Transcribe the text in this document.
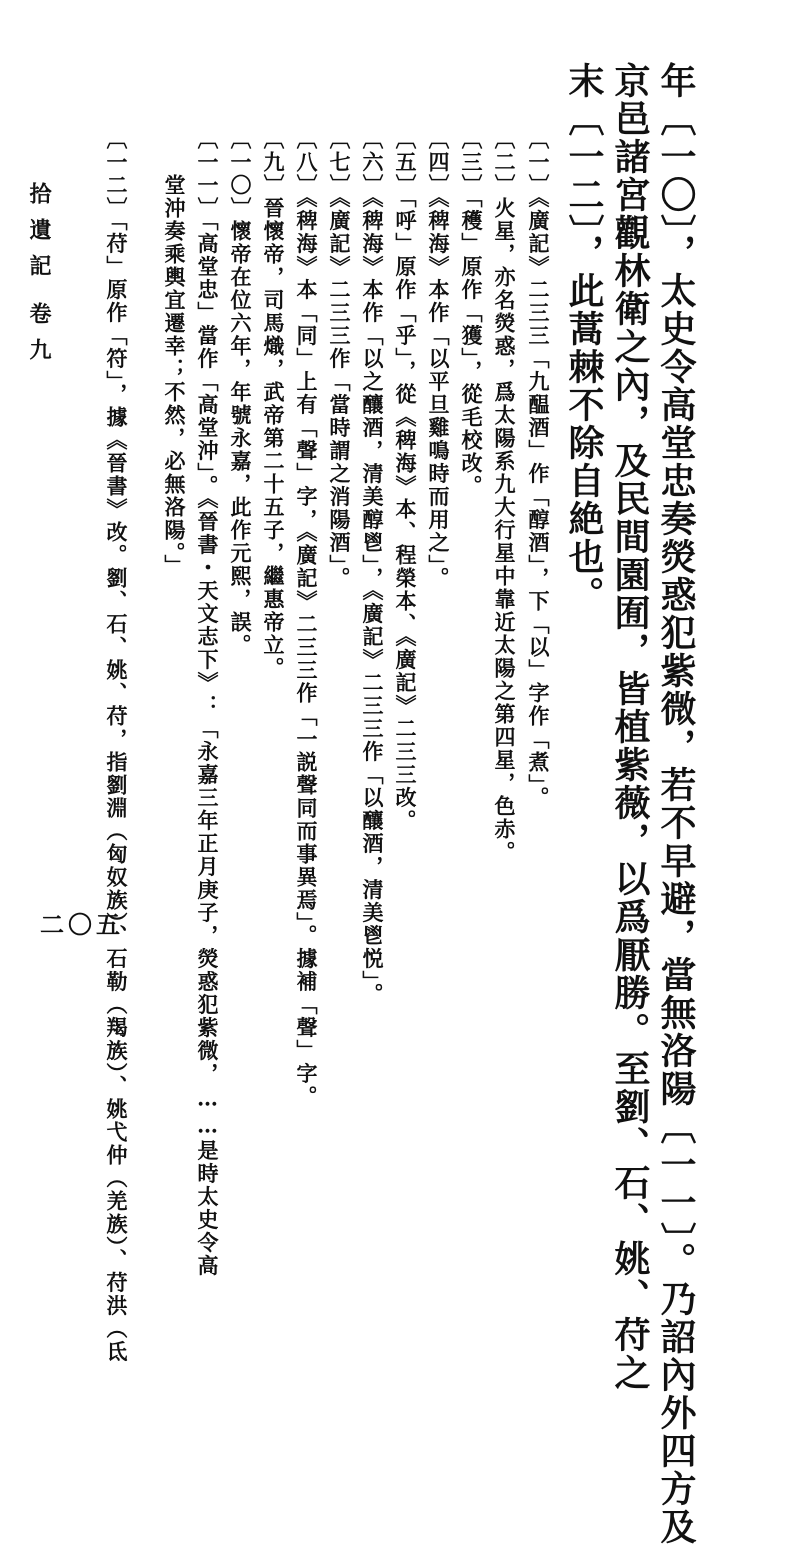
年〔一〇〕，太史令高堂忠奏熒惑犯紫微，若不早避，當無洛陽〔一一〕。乃詔內外四方及
京邑諸宮觀林衛之內，及民間園囿，皆植紫薇，以爲厭勝。至劉、石、姚、苻之
末〔一二〕，此蒿棘不除自絶也。
〔一〕《廣記》二三三「九醖酒」作「醇酒」，下「以」字作「煮」。
〔二〕火星，亦名熒惑，爲太陽系九大行星中靠近太陽之第四星，色赤。
〔三〕「穫」原作「獲」，從毛校改。
〔四〕《稗海》本作「以平旦雞鳴時而用之」。
〔五〕「呼」原作「乎」，從《稗海》本、程榮本、《廣記》二三三改。
〔六〕《稗海》本作「以之釀酒，清美醇鬯」，《廣記》二三三作「以釀酒，清美鬯悦」。
〔七〕《廣記》二三三作「當時謂之消陽酒」。
〔八〕《稗海》本「同」上有「聲」字，《廣記》二三三作「一説聲同而事異焉」。據補「聲」字。
〔九〕晉懷帝，司馬熾，武帝第二十五子，繼惠帝立。
〔一〇〕懷帝在位六年，年號永嘉，此作元熙，誤。
〔一一〕「高堂忠」當作「高堂沖」。《晉書・天文志下》：「永嘉三年正月庚子，熒惑犯紫微，……是時太史令高
　　堂沖奏乘輿宜遷幸；不然，必無洛陽。」
〔一二〕「苻」原作「符」，據《晉書》改。劉、石、姚、苻，指劉淵（匈奴族）、石勒（羯族）、姚弋仲（羌族）、苻洪（氐
拾遺記
卷九
二〇五
